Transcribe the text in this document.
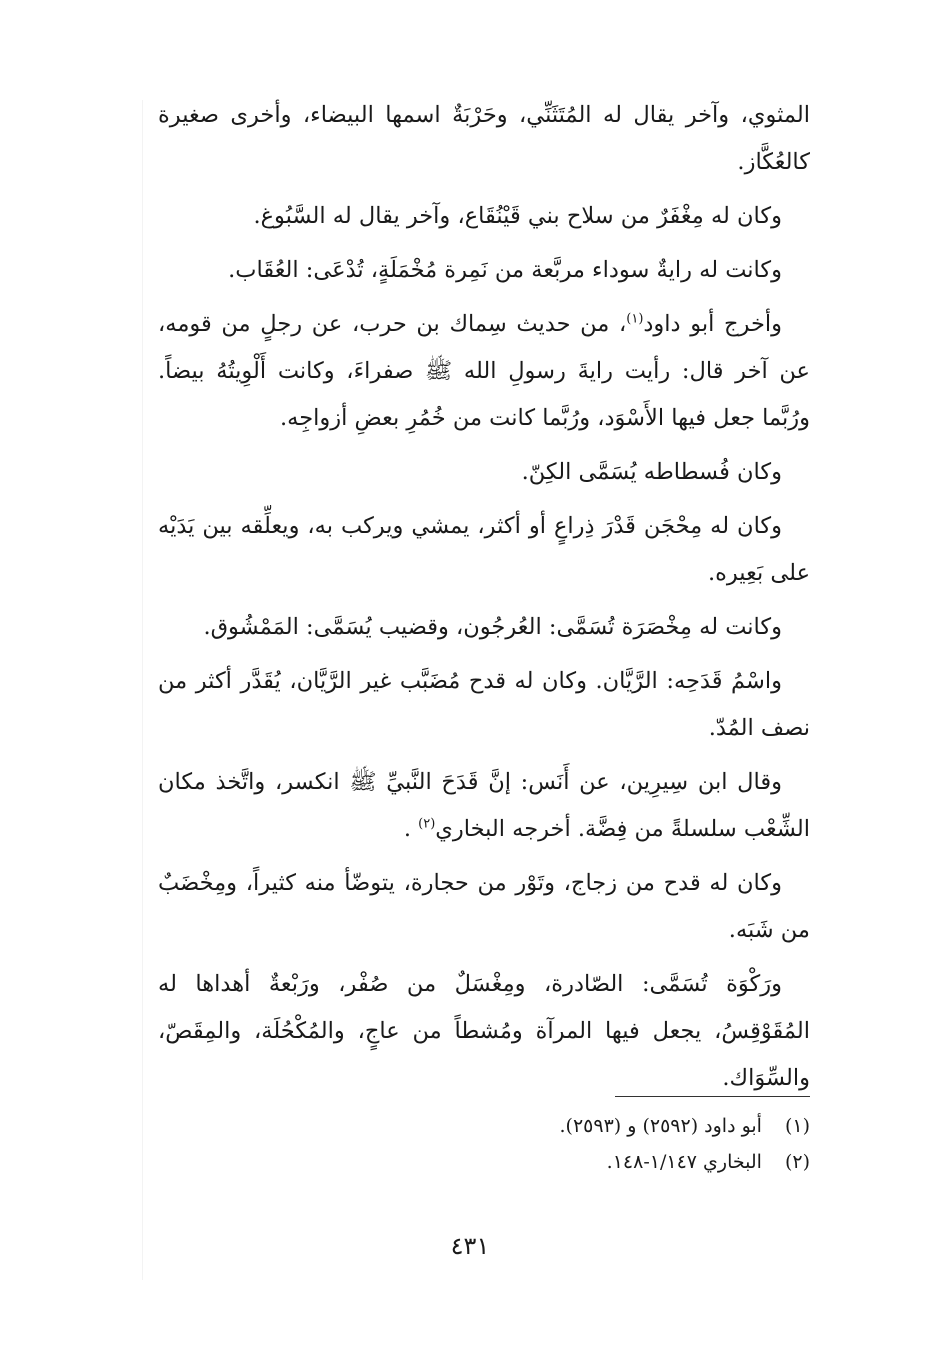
المثوي، وآخر يقال له المُتَثَنِّي، وحَرْبَةٌ اسمها البيضاء، وأخرى صغيرة كالعُكَّاز.

وكان له مِغْفَرٌ من سلاح بني قَيْنُقَاع، وآخر يقال له السَّبُوغ.

وكانت له رايةٌ سوداء مربَّعة من نَمِرة مُخْمَلَةٍ، تُدْعَى: العُقَاب.

وأخرج أبو داود$^{(١)}$، من حديث سِماك بن حرب، عن رجلٍ من قومه، عن آخر قال: رأيت رايةَ رسولِ الله ﷺ صفراءَ، وكانت أَلْوِيتُهُ بيضاً. ورُبَّما جعل فيها الأَسْوَد، ورُبَّما كانت من خُمُرِ بعضِ أزواجِه.

وكان فُسطاطه يُسَمَّى الكِنّ.

وكان له مِحْجَن قَدْرَ ذِراعٍ أو أكثر، يمشي ويركب به، ويعلِّقه بين يَدَيْه على بَعِيره.

وكانت له مِخْصَرَة تُسَمَّى: العُرجُون، وقضيب يُسَمَّى: المَمْشُوق.

واسْمُ قَدَحِه: الرَّيَّان. وكان له قدح مُضَبَّب غير الرَّيَّان، يُقَدَّر أكثر من نصف المُدّ.

وقال ابن سِيرِين، عن أَنَس: إنَّ قَدَحَ النَّبيِّ ﷺ انكسر، واتَّخذ مكان الشِّعْب سلسلةً من فِضَّة. أخرجه البخاري$^{(٢)}$ .

وكان له قدح من زجاج، وتَوْر من حجارة، يتوضّأ منه كثيراً، ومِخْضَبٌ من شَبَه.

ورَكْوَة تُسَمَّى: الصّادرة، ومِغْسَلٌ من صُفْر، ورَبْعةٌ أهداها له المُقَوْقِسُ، يجعل فيها المرآة ومُشطاً من عاجٍ، والمُكْحُلَة، والمِقَصّ، والسِّوَاك.

(١) أبو داود (٢٥٩٢) و (٢٥٩٣).
(٢) البخاري ١/١٤٧-١٤٨.
٤٣١
